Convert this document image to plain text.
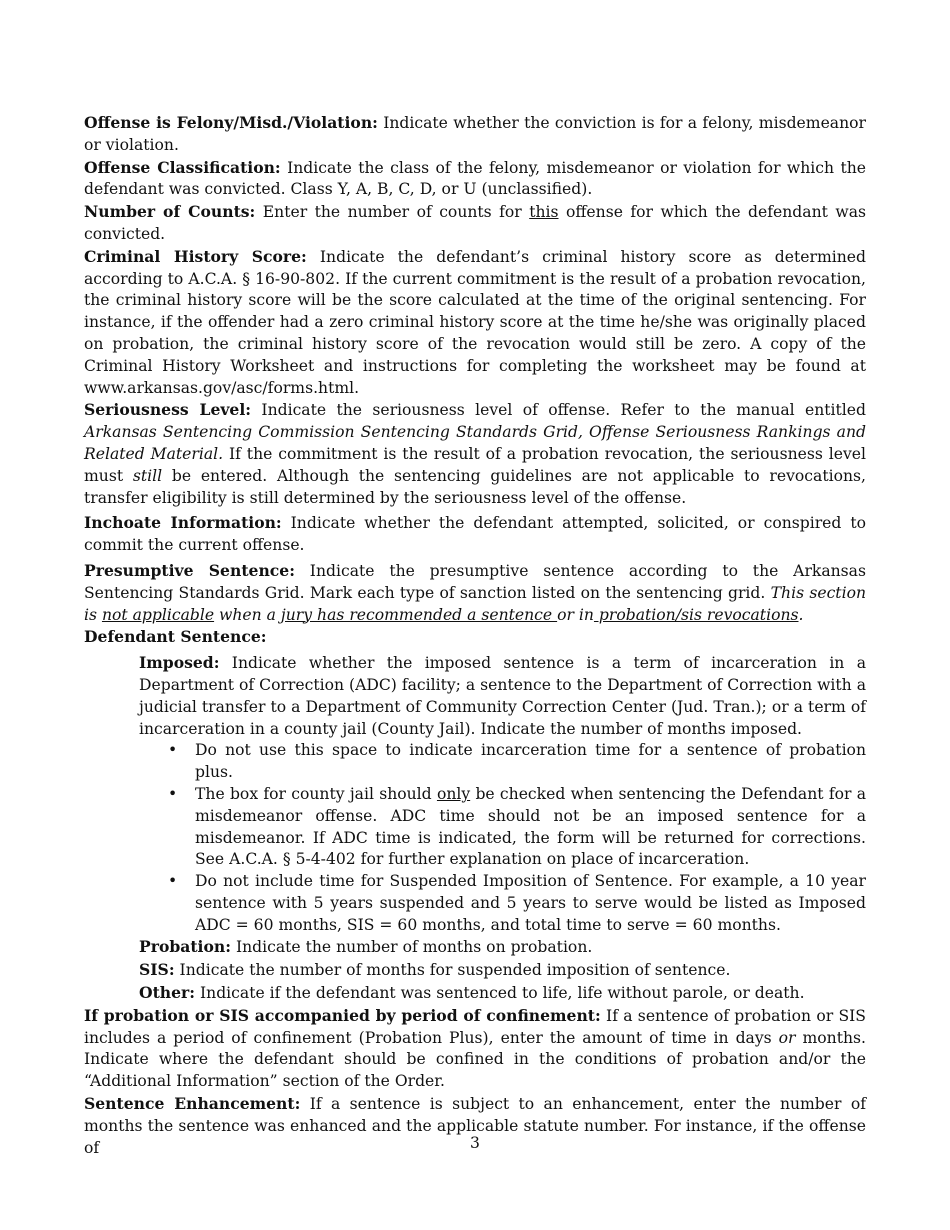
Offense is Felony/Misd./Violation: Indicate whether the conviction is for a felony, misdemeanor or violation.

Offense Classification: Indicate the class of the felony, misdemeanor or violation for which the defendant was convicted. Class Y, A, B, C, D, or U (unclassified).

Number of Counts: Enter the number of counts for this offense for which the defendant was convicted.

Criminal History Score: Indicate the defendant’s criminal history score as determined according to A.C.A. § 16-90-802. If the current commitment is the result of a probation revocation, the criminal history score will be the score calculated at the time of the original sentencing. For instance, if the offender had a zero criminal history score at the time he/she was originally placed on probation, the criminal history score of the revocation would still be zero. A copy of the Criminal History Worksheet and instructions for completing the worksheet may be found at www.arkansas.gov/asc/forms.html.

Seriousness Level: Indicate the seriousness level of offense. Refer to the manual entitled Arkansas Sentencing Commission Sentencing Standards Grid, Offense Seriousness Rankings and Related Material. If the commitment is the result of a probation revocation, the seriousness level must still be entered. Although the sentencing guidelines are not applicable to revocations, transfer eligibility is still determined by the seriousness level of the offense.

Inchoate Information: Indicate whether the defendant attempted, solicited, or conspired to commit the current offense.

Presumptive Sentence: Indicate the presumptive sentence according to the Arkansas Sentencing Standards Grid. Mark each type of sanction listed on the sentencing grid. This section is not applicable when a jury has recommended a sentence or in probation/sis revocations.

Defendant Sentence:

Imposed: Indicate whether the imposed sentence is a term of incarceration in a Department of Correction (ADC) facility; a sentence to the Department of Correction with a judicial transfer to a Department of Community Correction Center (Jud. Tran.); or a term of incarceration in a county jail (County Jail). Indicate the number of months imposed.

• Do not use this space to indicate incarceration time for a sentence of probation plus.
• The box for county jail should only be checked when sentencing the Defendant for a misdemeanor offense. ADC time should not be an imposed sentence for a misdemeanor. If ADC time is indicated, the form will be returned for corrections. See A.C.A. § 5-4-402 for further explanation on place of incarceration.
• Do not include time for Suspended Imposition of Sentence. For example, a 10 year sentence with 5 years suspended and 5 years to serve would be listed as Imposed ADC = 60 months, SIS = 60 months, and total time to serve = 60 months.

Probation: Indicate the number of months on probation.

SIS: Indicate the number of months for suspended imposition of sentence.

Other: Indicate if the defendant was sentenced to life, life without parole, or death.

If probation or SIS accompanied by period of confinement: If a sentence of probation or SIS includes a period of confinement (Probation Plus), enter the amount of time in days or months. Indicate where the defendant should be confined in the conditions of probation and/or the “Additional Information” section of the Order.

Sentence Enhancement: If a sentence is subject to an enhancement, enter the number of months the sentence was enhanced and the applicable statute number. For instance, if the offense of	3
